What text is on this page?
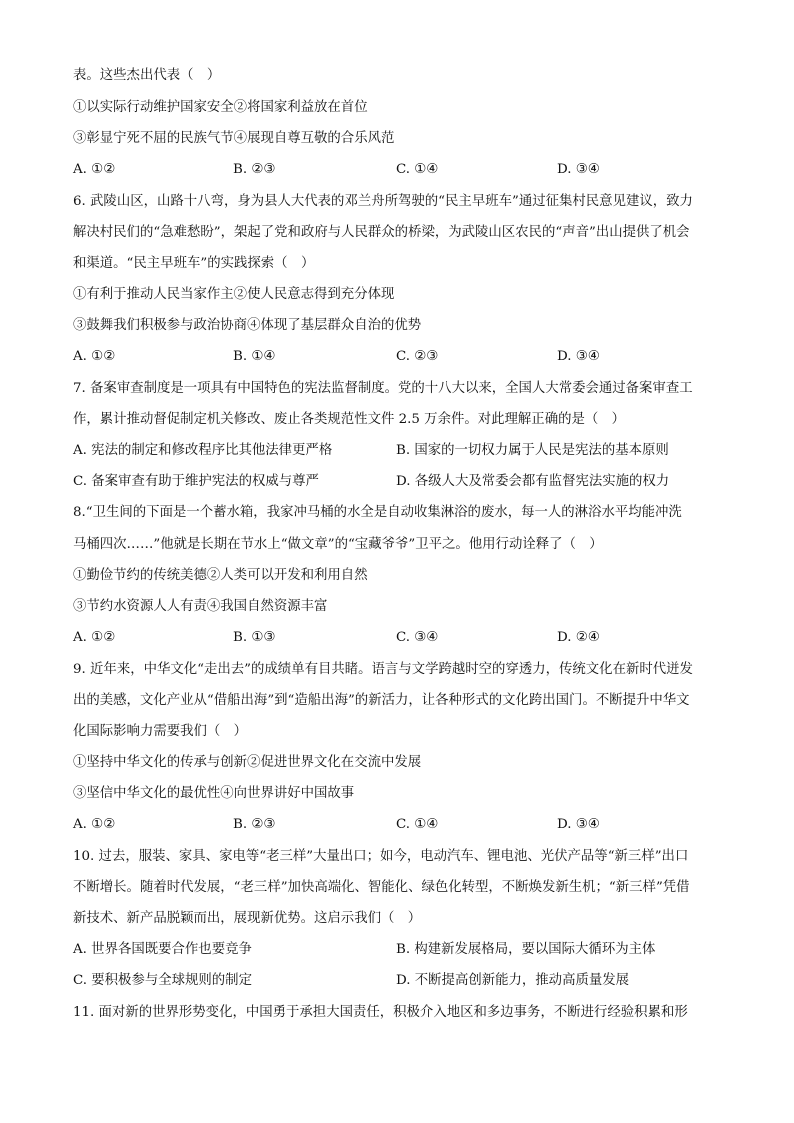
表。这些杰出代表（　）
①以实际行动维护国家安全②将国家利益放在首位
③彰显宁死不屈的民族气节④展现自尊互敬的合乐风范
A. ①②	B. ②③	C. ①④	D. ③④
6. 武陵山区，山路十八弯，身为县人大代表的邓兰舟所驾驶的“民主早班车”通过征集村民意见建议，致力
解决村民们的“急难愁盼”，架起了党和政府与人民群众的桥梁，为武陵山区农民的“声音”出山提供了机会
和渠道。“民主早班车”的实践探索（　）
①有利于推动人民当家作主②使人民意志得到充分体现
③鼓舞我们积极参与政治协商④体现了基层群众自治的优势
A. ①②	B. ①④	C. ②③	D. ③④
7. 备案审查制度是一项具有中国特色的宪法监督制度。党的十八大以来，全国人大常委会通过备案审查工
作，累计推动督促制定机关修改、废止各类规范性文件 2.5 万余件。对此理解正确的是（　）
A. 宪法的制定和修改程序比其他法律更严格	B. 国家的一切权力属于人民是宪法的基本原则
C. 备案审查有助于维护宪法的权威与尊严	D. 各级人大及常委会都有监督宪法实施的权力
8.“卫生间的下面是一个蓄水箱，我家冲马桶的水全是自动收集淋浴的废水，每一人的淋浴水平均能冲洗
马桶四次……”他就是长期在节水上“做文章”的“宝藏爷爷”卫平之。他用行动诠释了（　）
①勤俭节约的传统美德②人类可以开发和利用自然
③节约水资源人人有责④我国自然资源丰富
A. ①②	B. ①③	C. ③④	D. ②④
9. 近年来，中华文化“走出去”的成绩单有目共睹。语言与文学跨越时空的穿透力，传统文化在新时代迸发
出的美感，文化产业从“借船出海”到“造船出海”的新活力，让各种形式的文化跨出国门。不断提升中华文
化国际影响力需要我们（　）
①坚持中华文化的传承与创新②促进世界文化在交流中发展
③坚信中华文化的最优性④向世界讲好中国故事
A. ①②	B. ②③	C. ①④	D. ③④
10. 过去，服装、家具、家电等“老三样”大量出口；如今，电动汽车、锂电池、光伏产品等“新三样”出口
不断增长。随着时代发展，“老三样”加快高端化、智能化、绿色化转型，不断焕发新生机；“新三样”凭借
新技术、新产品脱颖而出，展现新优势。这启示我们（　）
A. 世界各国既要合作也要竞争	B. 构建新发展格局，要以国际大循环为主体
C. 要积极参与全球规则的制定	D. 不断提高创新能力，推动高质量发展
11. 面对新的世界形势变化，中国勇于承担大国责任，积极介入地区和多边事务，不断进行经验积累和形
